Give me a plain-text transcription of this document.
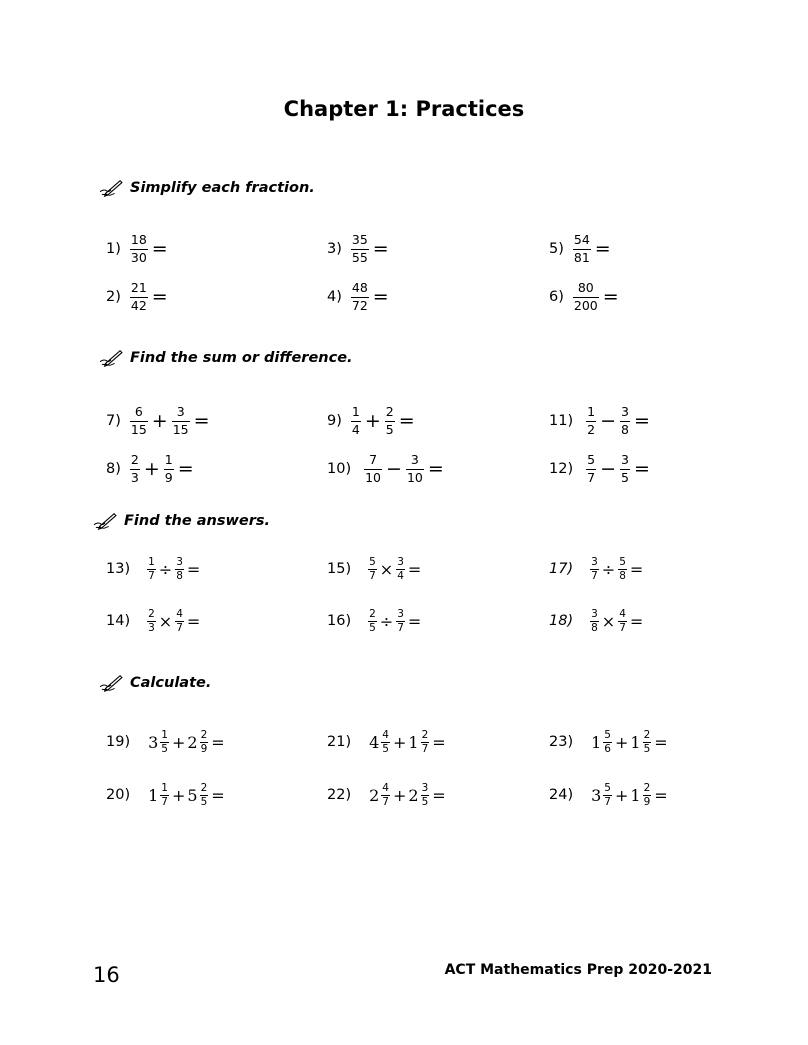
Chapter 1: Practices
Simplify each fraction.
Find the sum or difference.
Find the answers.
Calculate.
$1) \frac{18}{30}$ =
$2) \frac{21}{42}$ =
$3) \frac{35}{55}$ =
$4) \frac{48}{72}$ =
$5) \frac{54}{81}$ =
$6) \frac{80}{200}$ =
$7) \frac{6}{15} + \frac{3}{15}$ =
$8) \frac{2}{3} + \frac{1}{9}$ =
$9) \frac{1}{4} + \frac{2}{5}$ =
$10) \frac{7}{10} - \frac{3}{10}$ =
$11) \frac{1}{2} - \frac{3}{8}$ =
$12) \frac{5}{7} - \frac{3}{5}$ =
$13) \frac{1}{7} \div \frac{3}{8}$ =
$14) \frac{2}{3} \times \frac{4}{7}$ =
$15) \frac{5}{7} \times \frac{3}{4}$ =
$16) \frac{2}{5} \div \frac{3}{7}$ =
$17) \frac{3}{7} \div \frac{5}{8}$ =
$18) \frac{3}{8} \times \frac{4}{7}$ =
19) $3 \frac{1}{5} + 2 \frac{2}{9}$ =
20) $1 \frac{1}{7} + 5 \frac{2}{5}$ =
21) $4 \frac{4}{5} + 1 \frac{2}{7}$ =
22) $2 \frac{4}{7} + 2 \frac{3}{5}$ =
23) $1 \frac{5}{6} + 1 \frac{2}{5}$ =
24) $3 \frac{5}{7} + 1 \frac{2}{9}$ =
16	ACT Mathematics Prep 2020-2021
